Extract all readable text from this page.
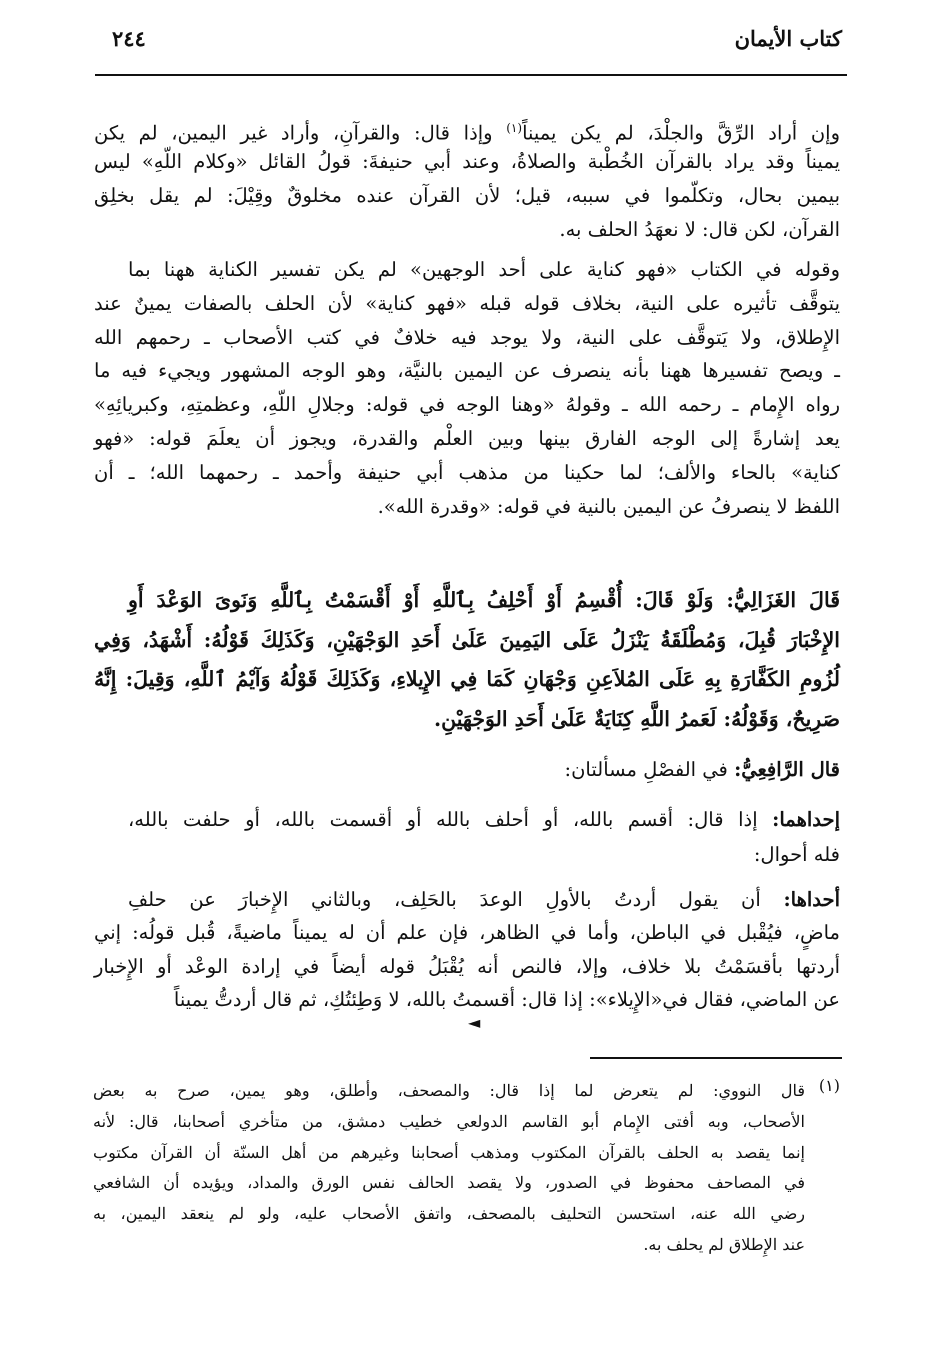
كتاب الأيمان
٢٤٤
وإن أراد الرِّقَّ والجلْدَ، لم يكن يميناً$^{(١)}$ وإذا قال: والقرآنِ، وأراد غير اليمين، لم يكن
يميناً وقد يراد بالقرآن الخُطْبة والصلاةُ، وعند أبي حنيفةَ: قولُ القائل «وكلام اللّهِ» ليس
بيمين بحال، وتكلّموا في سببه، قيل؛ لأن القرآن عنده مخلوقٌ وقِيْلَ: لم يقل بخلِق
القرآن، لكن قال: لا نعهَدُ الحلف به.
وقوله في الكتاب «فهو كناية على أحد الوجهين» لم يكن تفسير الكناية ههنا بما
يتوقَّف تأثيره على النية، بخلاف قوله قبله «فهو كناية» لأن الحلف بالصفات يمينٌ عند
الإِطلاق، ولا يَتوقَّف على النية، ولا يوجد فيه خلافٌ في كتب الأصحاب ـ رحمهم الله
ـ ويصح تفسيرها ههنا بأنه ينصرف عن اليمين بالنيَّة، وهو الوجه المشهور ويجيء فيه ما
رواه الإِمام ـ رحمه الله ـ وقولهُ «وهنا الوجه في قوله: وجلالِ اللّهِ، وعظمتِهِ، وكبريائِهِ»
يعد إشارةً إلى الوجه الفارق بينها وبين العلْم والقدرة، ويجوز أن يعلَمَ قوله: «فهو
كناية» بالحاء والألف؛ لما حكينا من مذهب أبي حنيفة وأحمد ـ رحمهما الله؛ ـ أن
اللفظ لا ينصرفُ عن اليمين بالنية في قوله: «وقدرة الله».
قَالَ الغَزَالِيُّ: وَلَوْ قَالَ: أُقْسِمُ أَوْ أَحْلِفُ بِٱللَّهِ أَوْ أَقْسَمْتُ بِٱللَّهِ وَنَوىَ الوَعْدَ أَوِ
الإِخْبَارَ قُبِلَ، وَمُطْلَقَةُ يَنْزَلُ عَلَى اليَمِينَ عَلَىٰ أَحَدِ الوَجْهَيْنِ، وَكَذَلِكَ قَوْلُهُ: أَشْهَدُ، وَفِي
لُزُومِ الكَفَّارَةِ بِهِ عَلَى المُلاَعِنِ وَجْهَانِ كَمَا فِي الإِيلاءِ، وَكَذَلِكَ قَوْلُهُ وَآيْمُ ٱللَّهِ، وَقِيلَ: إِنَّهُ
صَرِيحٌ، وَقَوْلُهُ: لَعَمرُ اللَّهِ كِنَايَةٌ عَلَىٰ أَحَدِ الوَجْهَيْنِ.
قال الرَّافِعِيُّ: في الفصْلِ مسألتان:
إحداهما: إذا قال: أقسم بالله، أو أحلف بالله أو أقسمت بالله، أو حلفت بالله،
فله أحوال:
أحداها: أن يقول أردتُ بالأولِ الوعدَ بالحَلِف، وبالثاني الإِخبارَ عن حلفِ
ماضٍ، فيُقْبل في الباطن، وأما في الظاهر، فإن علم أن له يميناً ماضيةً، قُبل قولُه: إني
أردتها بأقسَمْتُ بلا خلاف، وإلا، فالنص أنه يُقْبَلُ قوله أيضاً في إرادة الوعْد أو الإِخبار
عن الماضي، فقال في«الإِيلاء»: إذا قال: أقسمتُ بالله، لا وَطِئتُكِ، ثم قال أردتُّ يميناً
◄
(١)
قال النووي: لم يتعرض لما إذا قال: والمصحف، وأطلق، وهو يمين، صرح به بعض
الأصحاب، وبه أفتى الإِمام أبو القاسم الدولعي خطيب دمشق، من متأخري أصحابنا، قال: لأنه
إنما يقصد به الحلف بالقرآن المكتوب ومذهب أصحابنا وغيرهم من أهل السنّة أن القرآن مكتوب
في المصاحف محفوظ في الصدور، ولا يقصد الحالف نفس الورق والمداد، ويؤيده أن الشافعي
رضي الله عنه، استحسن التحليف بالمصحف، واتفق الأصحاب عليه، ولو لم ينعقد اليمين، به
عند الإِطلاق لم يحلف به.
